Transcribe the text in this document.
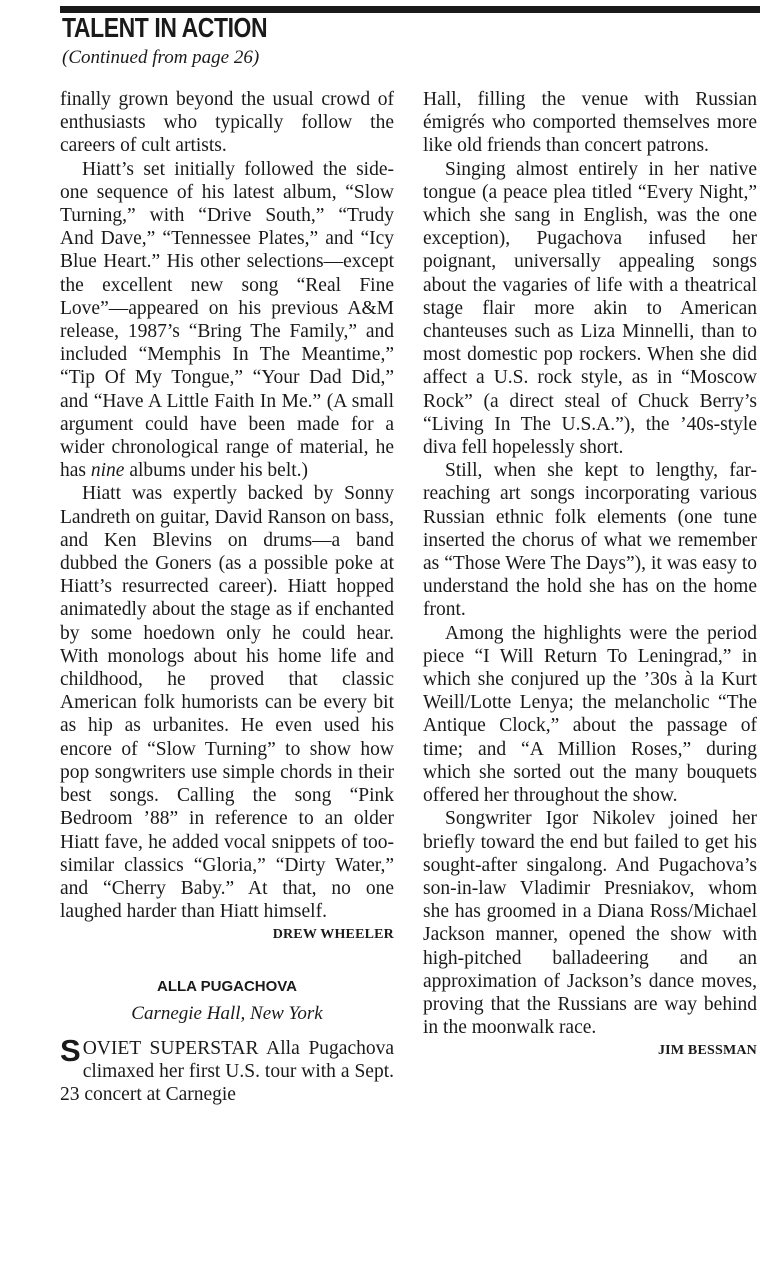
TALENT IN ACTION

(Continued from page 26)

finally grown beyond the usual crowd of enthusiasts who typically follow the careers of cult artists.

Hiatt’s set initially followed the side-one sequence of his latest album, “Slow Turning,” with “Drive South,” “Trudy And Dave,” “Tennessee Plates,” and “Icy Blue Heart.” His other selections—except the excellent new song “Real Fine Love”—appeared on his previous A&M release, 1987’s “Bring The Family,” and included “Memphis In The Meantime,” “Tip Of My Tongue,” “Your Dad Did,” and “Have A Little Faith In Me.” (A small argument could have been made for a wider chronological range of material, he has nine albums under his belt.)

Hiatt was expertly backed by Sonny Landreth on guitar, David Ranson on bass, and Ken Blevins on drums—a band dubbed the Goners (as a possible poke at Hiatt’s resurrected career). Hiatt hopped animatedly about the stage as if enchanted by some hoedown only he could hear. With monologs about his home life and childhood, he proved that classic American folk humorists can be every bit as hip as urbanites. He even used his encore of “Slow Turning” to show how pop songwriters use simple chords in their best songs. Calling the song “Pink Bedroom ’88” in reference to an older Hiatt fave, he added vocal snippets of too-similar classics “Gloria,” “Dirty Water,” and “Cherry Baby.” At that, no one laughed harder than Hiatt himself.

DREW WHEELER

ALLA PUGACHOVA
Carnegie Hall, New York

SOVIET SUPERSTAR Alla Pugachova climaxed her first U.S. tour with a Sept. 23 concert at Carnegie

Hall, filling the venue with Russian émigrés who comported themselves more like old friends than concert patrons.

Singing almost entirely in her native tongue (a peace plea titled “Every Night,” which she sang in English, was the one exception), Pugachova infused her poignant, universally appealing songs about the vagaries of life with a theatrical stage flair more akin to American chanteuses such as Liza Minnelli, than to most domestic pop rockers. When she did affect a U.S. rock style, as in “Moscow Rock” (a direct steal of Chuck Berry’s “Living In The U.S.A.”), the ’40s-style diva fell hopelessly short.

Still, when she kept to lengthy, far-reaching art songs incorporating various Russian ethnic folk elements (one tune inserted the chorus of what we remember as “Those Were The Days”), it was easy to understand the hold she has on the home front.

Among the highlights were the period piece “I Will Return To Leningrad,” in which she conjured up the ’30s à la Kurt Weill/Lotte Lenya; the melancholic “The Antique Clock,” about the passage of time; and “A Million Roses,” during which she sorted out the many bouquets offered her throughout the show.

Songwriter Igor Nikolev joined her briefly toward the end but failed to get his sought-after singalong. And Pugachova’s son-in-law Vladimir Presniakov, whom she has groomed in a Diana Ross/Michael Jackson manner, opened the show with high-pitched balladeering and an approximation of Jackson’s dance moves, proving that the Russians are way behind in the moonwalk race.

JIM BESSMAN
